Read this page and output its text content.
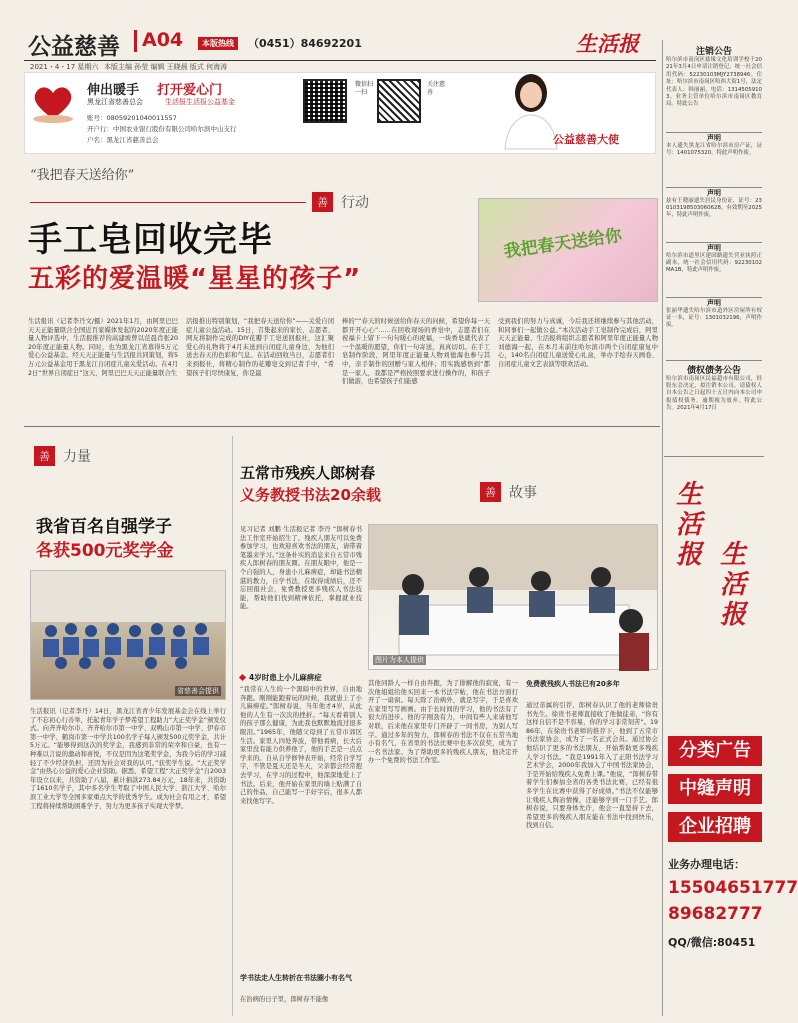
公益慈善 A04	本版热线	（0451）84692201	生活报
2021・4・17 星期六 本版主编 孙莹 编辑 王晓晨 版式 何海涛
伸出暖手 打开爱心门
黑龙江省慈善总会	生活报生活报公益基金
账号：08059201040011557
开户行：中国农业银行股份有限公司哈尔滨中山支行
户名：黑龙江省慈善总会
微信扫一扫
关注慈善
公益慈善大使
“我把春天送给你”
善 行动
手工皂回收完毕
五彩的爱温暖“星星的孩子”
我把春天送给你
生活报讯（记者李丹文/摄）2021年1月，由阿里巴巴天天正能量联合全国近百家媒体发起的2020年度正能量人物评选中，生活报推荐的高建坡曾以范晨肖张2020年度正能量人物。同时，也为黑龙江省募得5万元爱心公益基金。经天天正能量与生活报共同策划，将5万元公益基金用于黑龙江自闭症儿童关爱活动。在4月2日“世界自闭症日”这天，阿里巴巴天天正能量联合生
活报推出特别策划，“我把春天送给你”——关爱自闭症儿童公益活动。15日，召集起来的家长、志愿者、网友将制作完成的DIY花瓣手工皂送回报社，这汇聚爱心的礼物将于4月末送到自闭症儿童身边，为他们送去春天的色彩和气息。在活动回收当日，志愿者们来到报社，将精心制作的花瓣皂交到记者手中，“希望孩子们尽快康复，你是最
棒的”“春天的时候送给你春天的问候，希望你每一天都开开心心”……在回收现场的香皂中，志愿者们在祝福卡上留下一句句暖心的祝福，一块香皂就代表了一个温暖的愿望，你们一句寄送，真真切切。在手工皂制作阶段，阿里年度正能量人物刘德海也参与其中，亲手制作的回赠与家人相伴；用实践感悟到“都是一家人，我都是严格按照要求进行操作的，和孩子们做游，也希望孩子们能感
受到我们的努力与真诚，今后我还将继续参与其他活动，和同事们一起做公益。”本次活动手工皂制作完成后，阿里天天正能量、生活报将组织志愿者和阿里年度正能量人物刘德海一起，在本月末前往哈尔滨市两个自闭症康复中心，140名自闭症儿童送爱心礼盒，举办手绘春天画卷、自闭症儿童文艺表演等联欢活动。
善 力量
我省百名自强学子
各获500元奖学金
省慈善会提供
生活报讯（记者李丹）14日，黑龙江省青少年发展基金会在线上举行了不忘初心行善举，托起青年学子梦希望工程助力“大正奖学金”颁发仪式。向齐齐哈尔市、齐齐哈尔市第一中学、双鸭山市第一中学、伊春市第一中学、鹤岗市第一中学共100名学子每人颁发500元奖学金，共计5万元。“能够得到这次的奖学金，我感到非常的荣幸和自豪，也有一种难以言说的激动和喜悦，不仅是因为这笔奖学金，为我今后的学习减轻了不少经济负担，还因为社会对我的认可。”获奖学生说。“大正奖学金”由热心公益的爱心企业资助。据悉，希望工程“大正奖学金”自2003年设立以来，共资助了八届，累计捐款273.84万元，18年来，共资助了1610名学子，其中多名学生考取了中国人民大学、浙江大学、哈尔滨工业大学等全国多家重点大学的优秀学生。成为社会有用之才，希望工程将持续帮助困难学子，努力为更多孩子实现大学梦。
五常市残疾人郎树春
义务教授书法20余载	善 故事
见习记者 刘鹏 生活报记者 李丹 “郎树春书法工作室开始招生了，残疾人朋友可以免费参加学习，也欢迎喜欢书法的朋友，请带着笔墨来学习。”这条朴实的消息来自五常市残疾人郎树春的朋友圈。在朋友眼中，他是一个自强的人，身患小儿麻痹症，却能书法精湛的教力，自学书法，在取得成绩后，还不忘回报社会，免费教授更多残疾人书法技能，帮助他们找到精神依托，掌握就业技能。
图片为本人提供
4岁时患上小儿麻痹症
“我常在人生的一个黑暗中的世界，自由地奔跑。刚刚能跑着玩的时候，我就患上了小儿麻痹症。”郎树春说，当年他才4岁，从此他的人生有一次次的挫折。“每天看着别人的孩子那么健康，为此我也默默地流过很多眼泪。”1965年，他随父母到了五常市郊区生活。家里人四处奔波，带他看病，长大后家里没有能力供养他了，他的手艺是一点点学来的。自从自学修钟表开始，经常自学写字，不管是夏天还是冬天，父亲都会经常抱去学习，在学习的过程中，他深深地爱上了书法。后来，他开始在家里的墙上贴满了自己的作品，自己能写一手好字后，很多人都来找他写字。
学书法走人生转折在书法圈小有名气
在治病的日子里，郎树春不能像
其他同龄人一样自由奔跑，为了排解他的寂寞，有一次他姐姐给他买回来一本书法字帖，他在书法方面打开了一扇窗。每天除了治病外，就是写字，于是喜欢在家里写写画画。由于长时间的学习，他的书法有了很大的进步。他的字刚劲有力，中间有些人来请他写对联，后来他在家里专门开辟了一间书房，为别人写字。通过多年的努力，郎树春的书法不仅在五常当地小有名气，在省里的书法比赛中也多次获奖，成为了一名书法家。为了帮助更多的残疾人朋友，他决定开办一个免费的书法工作室。
免费教残疾人书法已有20多年
通过亲属的引荐，郎树春认识了他的老师徐贵书先生。徐贵书老师直接收了他做徒弟，“你有这样自信不是不容易，你的学习非常刻苦”。1986年，在徐贵书老师的推荐下，他到了五常市书法家协会，成为了一名正式会员。通过协会他结识了更多的书法朋友，开始帮助更多残疾人学习书法。“我是1991年入了正阳书法学习艺术学会，2000年我加入了中国书法家协会，于是开始给残疾人免费上课。”他说，“郎树春带着学生们参加全省的各类书法比赛，已经有很多学生在比赛中获得了好成绩。”书法不仅能够让残疾人陶冶情操，还能够学到一门手艺。郎树春说，只要身体允许，他会一直坚持下去，希望更多的残疾人朋友能在书法中找到快乐，找到自信。
注销公告
哈尔滨市南岗区慈缘文化培训学校于2021年3月4日申请注销登记。统一社会信用代码：52230103MJY2738946。住址：哈尔滨市南岗区哈西大街1号，法定代表人：韩丽丽，电话：13145059103。业务主管单位哈尔滨市南岗区教育局。特此公告
声明
本人遗失黑龙江省哈尔滨市房产证，证号：1401075320，特此声明作废。
声明
兹有王晓丽遗失居民身份证，证号：230103198503060628，有效期至2025年，特此声明作废。
声明
哈尔滨市道里区建国路遗失营业执照正副本，统一社会信用代码：92230102MA1B，特此声明作废。
声明
张丽华遗失哈尔滨市道外区房屋所有权证一本，证号：1301032196，声明作废。
债权债务公告
哈尔滨市南岗区民福超市有限公司，经股东会决定，拟注销本公司，请债权人自本公告之日起四十五日内向本公司申报债权债务，逾期视为放弃。特此公告。2021年4月17日
生活报 生活报
分类广告
中缝声明
企业招聘
业务办理电话：
15504651777
89682777
QQ/微信:80451
